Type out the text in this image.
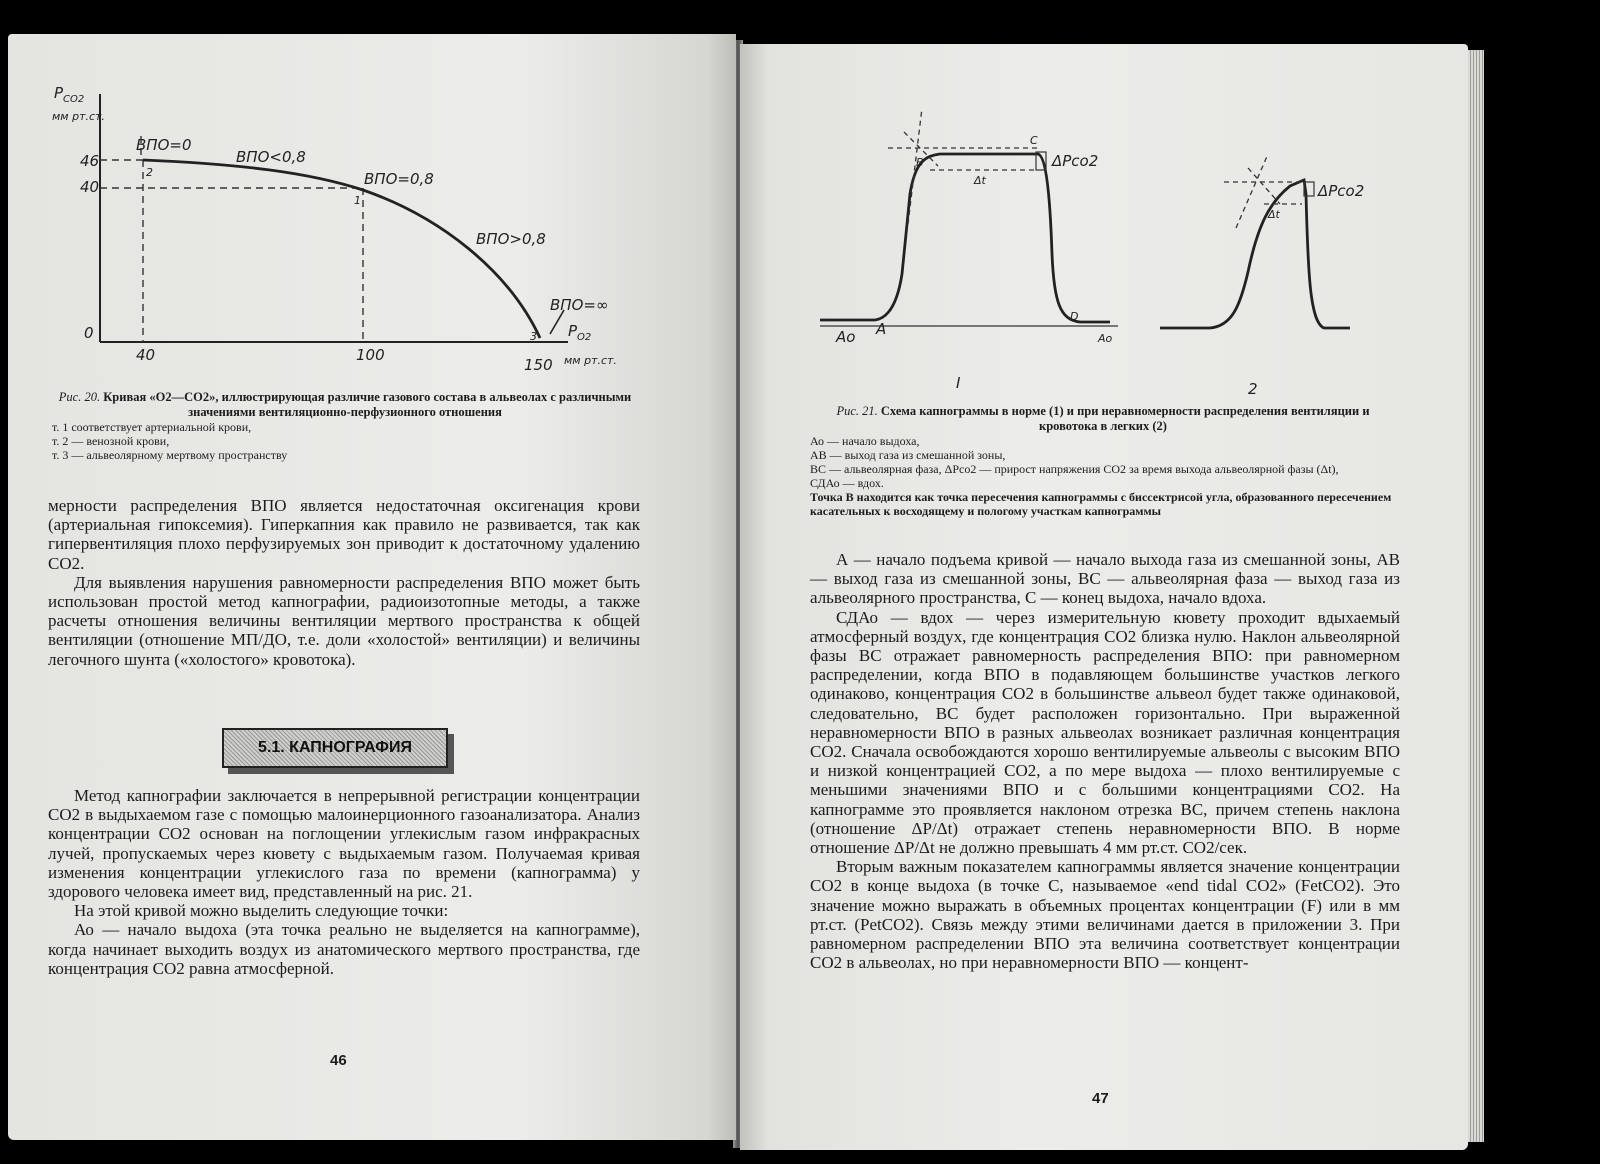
$P_{CO2}$
мм рт.ст.
$P_{O2}$
мм рт.ст.
46
40
0
40	100
150
ВПО=0
ВПО<0,8
ВПО=0,8
ВПО>0,8
ВПО=∞
2
1
3
Рис. 20. Кривая «О2—СО2», иллюстрирующая различие газового состава в альвеолах с различными значениями вентиляционно-перфузионного отношения
т. 1 соответствует артериальной крови,
т. 2 — венозной крови,
т. 3 — альвеолярному мертвому пространству

мерности распределения ВПО является недостаточная оксигенация крови (артериальная гипоксемия). Гиперкапния как правило не развивается, так как гипервентиляция плохо перфузируемых зон приводит к достаточному удалению СО2.

Для выявления нарушения равномерности распределения ВПО может быть использован простой метод капнографии, радиоизотопные методы, а также расчеты отношения величины вентиляции мертвого пространства к общей вентиляции (отношение МП/ДО, т.е. доли «холостой» вентиляции) и величины легочного шунта («холостого» кровотока).

5.1. КАПНОГРАФИЯ

Метод капнографии заключается в непрерывной регистрации концентрации СО2 в выдыхаемом газе с помощью малоинерционного газоанализатора. Анализ концентрации СО2 основан на поглощении углекислым газом инфракрасных лучей, пропускаемых через кювету с выдыхаемым газом. Получаемая кривая изменения концентрации углекислого газа по времени (капнограмма) у здорового человека имеет вид, представленный на рис. 21.

На этой кривой можно выделить следующие точки:

Ао — начало выдоха (эта точка реально не выделяется на капнограмме), когда начинает выходить воздух из анатомического мертвого пространства, где концентрация СО2 равна атмосферной.

46
B
C
ΔPco2
Δt
Ao A
D
Ao
I
ΔPco2
Δt
2
Рис. 21. Схема капнограммы в норме (1) и при неравномерности распределения вентиляции и кровотока в легких (2)
Ао — начало выдоха,
АВ — выход газа из смешанной зоны,
ВС — альвеолярная фаза, ΔРсо2 — прирост напряжения СО2 за время выхода альвеолярной фазы (Δt),
СДАо — вдох.
Точка В находится как точка пересечения капнограммы с биссектрисой угла, образованного пересечением касательных к восходящему и пологому участкам капнограммы

А — начало подъема кривой — начало выхода газа из смешанной зоны, АВ — выход газа из смешанной зоны, ВС — альвеолярная фаза — выход газа из альвеолярного пространства, С — конец выдоха, начало вдоха.

СДАо — вдох — через измерительную кювету проходит вдыхаемый атмосферный воздух, где концентрация СО2 близка нулю. Наклон альвеолярной фазы ВС отражает равномерность распределения ВПО: при равномерном распределении, когда ВПО в подавляющем большинстве участков легкого одинаково, концентрация СО2 в большинстве альвеол будет также одинаковой, следовательно, ВС будет расположен горизонтально. При выраженной неравномерности ВПО в разных альвеолах возникает различная концентрация СО2. Сначала освобождаются хорошо вентилируемые альвеолы с высоким ВПО и низкой концентрацией СО2, а по мере выдоха — плохо вентилируемые с меньшими значениями ВПО и с большими концентрациями СО2. На капнограмме это проявляется наклоном отрезка ВС, причем степень наклона (отношение ΔР/Δt) отражает степень неравномерности ВПО. В норме отношение ΔР/Δt не должно превышать 4 мм рт.ст. СО2/сек.

Вторым важным показателем капнограммы является значение концентрации СО2 в конце выдоха (в точке С, называемое «end tidal СО2» (FetСО2). Это значение можно выражать в объемных процентах концентрации (F) или в мм рт.ст. (PetСО2). Связь между этими величинами дается в приложении 3. При равномерном распределении ВПО эта величина соответствует концентрации СО2 в альвеолах, но при неравномерности ВПО — концент-

47
